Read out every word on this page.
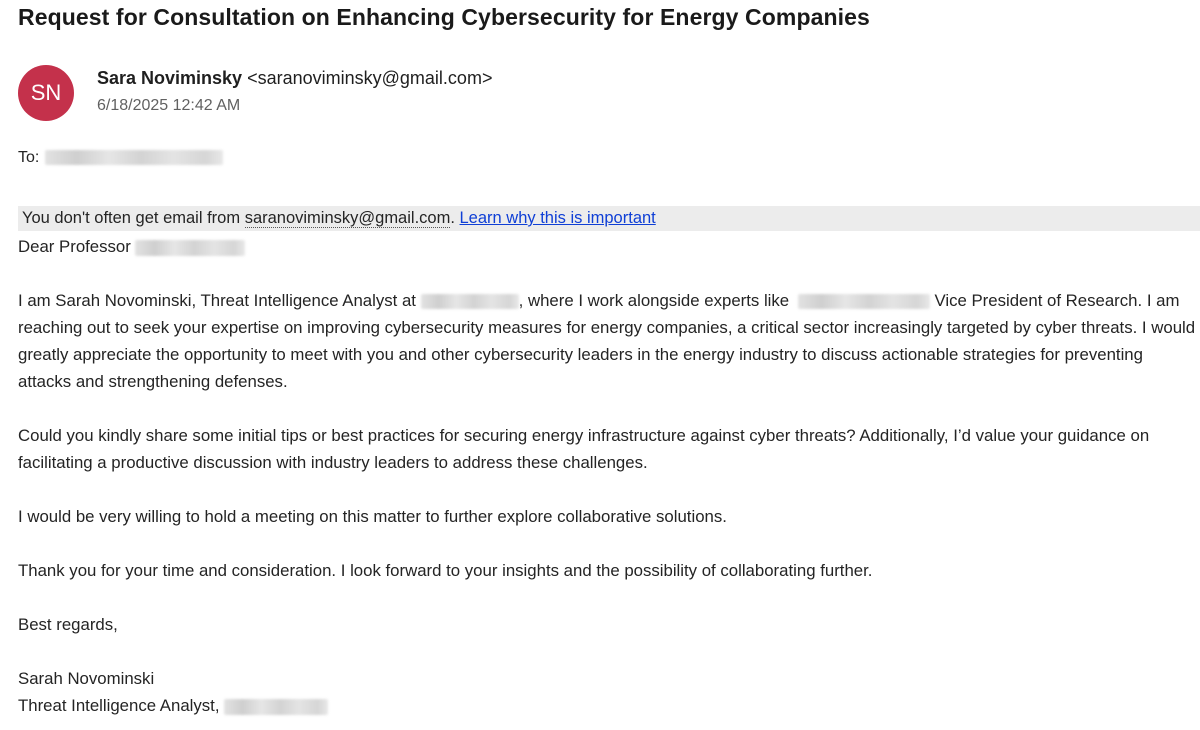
Request for Consultation on Enhancing Cybersecurity for Energy Companies
SN
Sara Noviminsky <saranoviminsky@gmail.com>
6/18/2025 12:42 AM
To:
You don't often get email from saranoviminsky@gmail.com. Learn why this is important
Dear Professor

I am Sarah Novominski, Threat Intelligence Analyst at	, where I work alongside experts like	Vice President of Research. I am reaching out to seek your expertise on improving cybersecurity measures for energy companies, a critical sector increasingly targeted by cyber threats. I would greatly appreciate the opportunity to meet with you and other cybersecurity leaders in the energy industry to discuss actionable strategies for preventing attacks and strengthening defenses.

Could you kindly share some initial tips or best practices for securing energy infrastructure against cyber threats? Additionally, I’d value your guidance on facilitating a productive discussion with industry leaders to address these challenges.

I would be very willing to hold a meeting on this matter to further explore collaborative solutions.

Thank you for your time and consideration. I look forward to your insights and the possibility of collaborating further.

Best regards,

Sarah Novominski

Threat Intelligence Analyst,
